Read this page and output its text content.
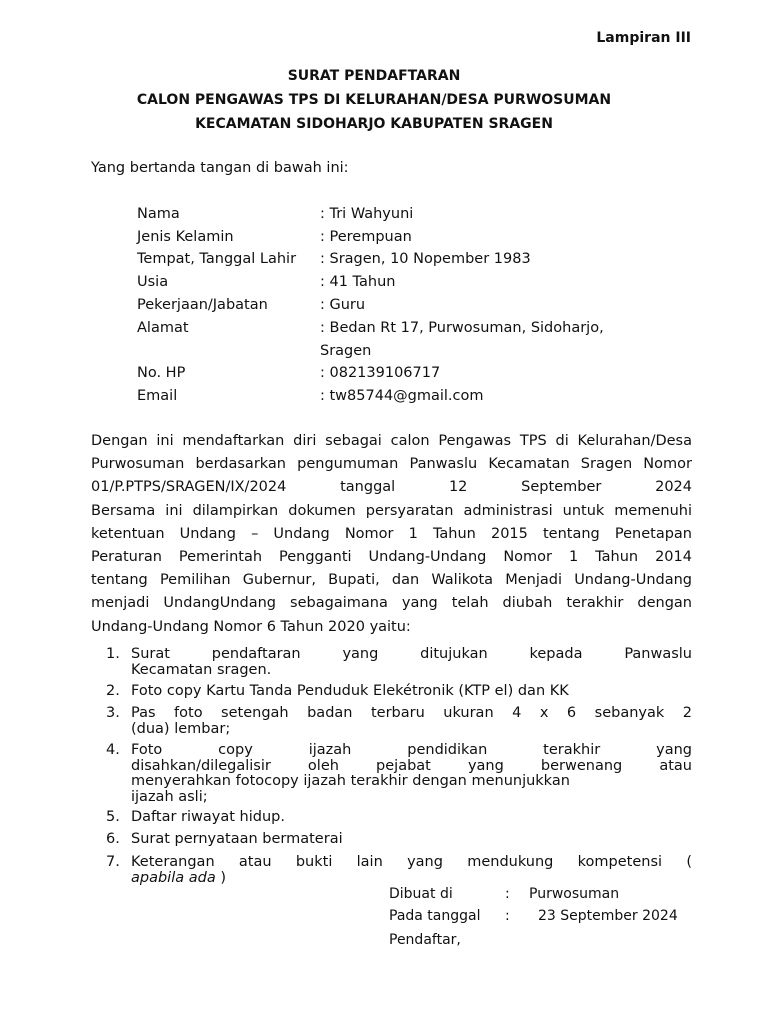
Lampiran III
SURAT PENDAFTARAN
CALON PENGAWAS TPS DI KELURAHAN/DESA PURWOSUMAN
KECAMATAN SIDOHARJO KABUPATEN SRAGEN
Yang bertanda tangan di bawah ini:
Nama	: Tri Wahyuni
Jenis Kelamin	: Perempuan
Tempat, Tanggal Lahir : Sragen, 10 Nopember 1983
Usia	: 41 Tahun
Pekerjaan/Jabatan	: Guru
Alamat	: Bedan Rt 17, Purwosuman, Sidoharjo,
Sragen
No. HP	: 082139106717
Email	: tw85744@gmail.com
Dengan ini mendaftarkan diri sebagai calon Pengawas TPS di Kelurahan/Desa
Purwosuman berdasarkan pengumuman Panwaslu Kecamatan Sragen Nomor
01/P.PTPS/SRAGEN/IX/2024 tanggal 12 September 2024
Bersama ini dilampirkan dokumen persyaratan administrasi untuk memenuhi
ketentuan Undang – Undang Nomor 1 Tahun 2015 tentang Penetapan
Peraturan Pemerintah Pengganti Undang-Undang Nomor 1 Tahun 2014
tentang Pemilihan Gubernur, Bupati, dan Walikota Menjadi Undang-Undang
menjadi UndangUndang sebagaimana yang telah diubah terakhir dengan
Undang-Undang Nomor 6 Tahun 2020 yaitu:
1. Surat pendaftaran yang ditujukan kepada Panwaslu
Kecamatan sragen.
2. Foto copy Kartu Tanda Penduduk Elekétronik (KTP el) dan KK
3. Pas foto setengah badan terbaru ukuran 4 x 6 sebanyak 2
(dua) lembar;
4. Foto copy ijazah pendidikan terakhir yang
disahkan/dilegalisir oleh pejabat yang berwenang atau
menyerahkan fotocopy ijazah terakhir dengan menunjukkan
ijazah asli;
5. Daftar riwayat hidup.
6. Surat pernyataan bermaterai
7. Keterangan atau bukti lain yang mendukung kompetensi (
apabila ada )
Dibuat di	: Purwosuman
Pada tanggal : 23 September 2024
Pendaftar,
